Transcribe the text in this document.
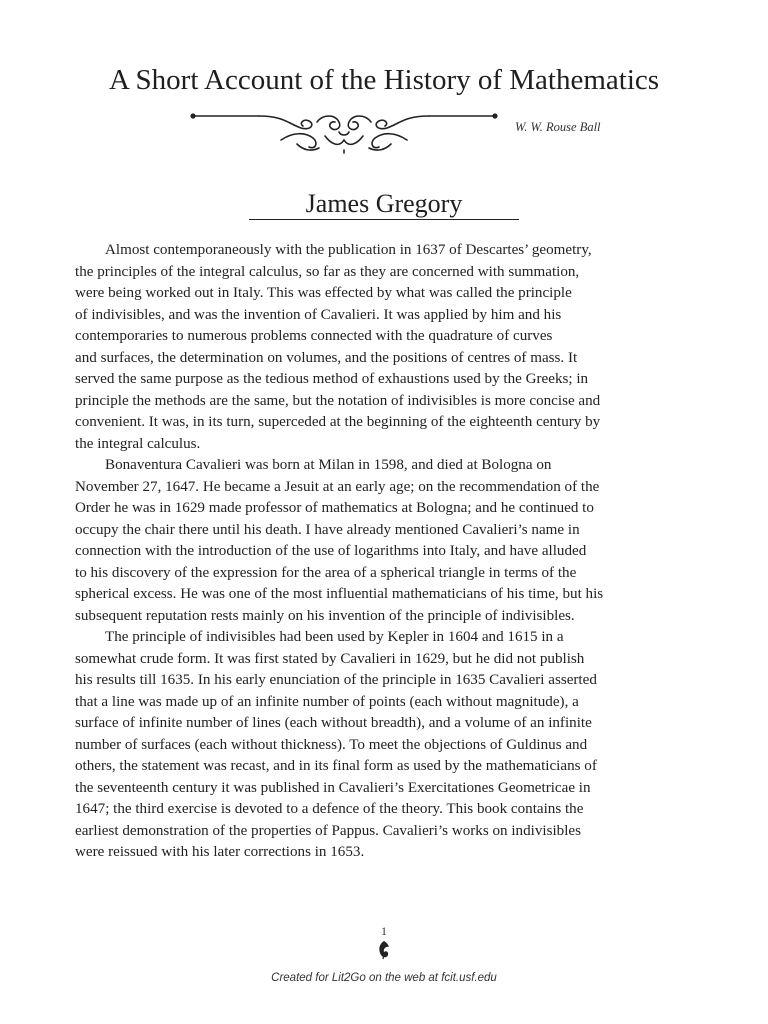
A Short Account of the History of Mathematics
W. W. Rouse Ball
James Gregory
Almost contemporaneously with the publication in 1637 of Descartes’ geometry,
the principles of the integral calculus, so far as they are concerned with summation,
were being worked out in Italy. This was effected by what was called the principle
of indivisibles, and was the invention of Cavalieri. It was applied by him and his
contemporaries to numerous problems connected with the quadrature of curves
and surfaces, the determination on volumes, and the positions of centres of mass. It
served the same purpose as the tedious method of exhaustions used by the Greeks; in
principle the methods are the same, but the notation of indivisibles is more concise and
convenient. It was, in its turn, superceded at the beginning of the eighteenth century by
the integral calculus.
Bonaventura Cavalieri was born at Milan in 1598, and died at Bologna on
November 27, 1647. He became a Jesuit at an early age; on the recommendation of the
Order he was in 1629 made professor of mathematics at Bologna; and he continued to
occupy the chair there until his death. I have already mentioned Cavalieri’s name in
connection with the introduction of the use of logarithms into Italy, and have alluded
to his discovery of the expression for the area of a spherical triangle in terms of the
spherical excess. He was one of the most influential mathematicians of his time, but his
subsequent reputation rests mainly on his invention of the principle of indivisibles.
The principle of indivisibles had been used by Kepler in 1604 and 1615 in a
somewhat crude form. It was first stated by Cavalieri in 1629, but he did not publish
his results till 1635. In his early enunciation of the principle in 1635 Cavalieri asserted
that a line was made up of an infinite number of points (each without magnitude), a
surface of infinite number of lines (each without breadth), and a volume of an infinite
number of surfaces (each without thickness). To meet the objections of Guldinus and
others, the statement was recast, and in its final form as used by the mathematicians of
the seventeenth century it was published in Cavalieri’s Exercitationes Geometricae in
1647; the third exercise is devoted to a defence of the theory. This book contains the
earliest demonstration of the properties of Pappus. Cavalieri’s works on indivisibles
were reissued with his later corrections in 1653.
1
Created for Lit2Go on the web at fcit.usf.edu
